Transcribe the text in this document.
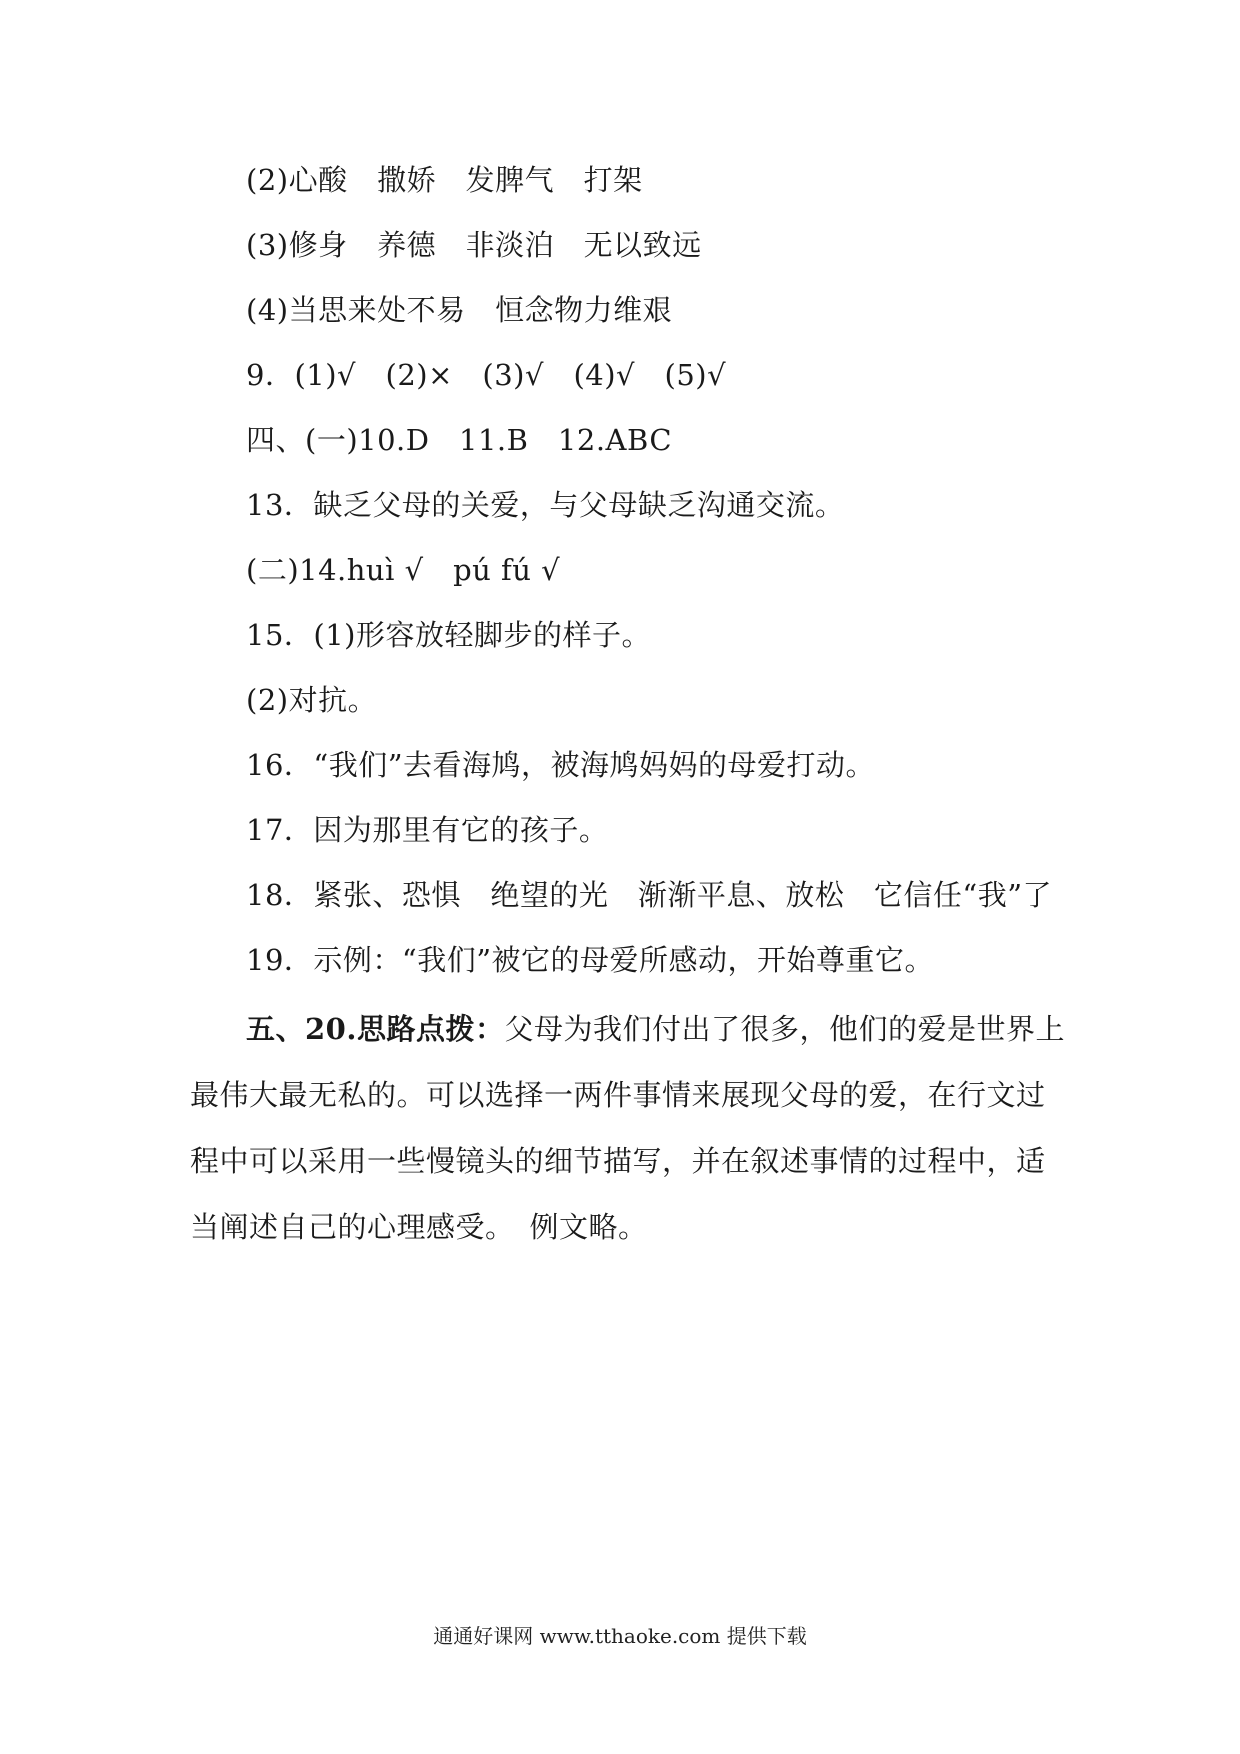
(2)心酸　撒娇　发脾气　打架
(3)修身　养德　非淡泊　无以致远
(4)当思来处不易　恒念物力维艰
9．(1)√　(2)×　(3)√　(4)√　(5)√
四、(一)10.D　11.B　12.ABC
13．缺乏父母的关爱，与父母缺乏沟通交流。
(二)14.huì √　pú fú √
15．(1)形容放轻脚步的样子。
(2)对抗。
16．“我们”去看海鸠，被海鸠妈妈的母爱打动。
17．因为那里有它的孩子。
18．紧张、恐惧　绝望的光　渐渐平息、放松　它信任“我”了
19．示例：“我们”被它的母爱所感动，开始尊重它。
五、20.思路点拨：父母为我们付出了很多，他们的爱是世界上最伟大最无私的。可以选择一两件事情来展现父母的爱，在行文过程中可以采用一些慢镜头的细节描写，并在叙述事情的过程中，适当阐述自己的心理感受。　例文略。
通通好课网 www.tthaoke.com 提供下载
